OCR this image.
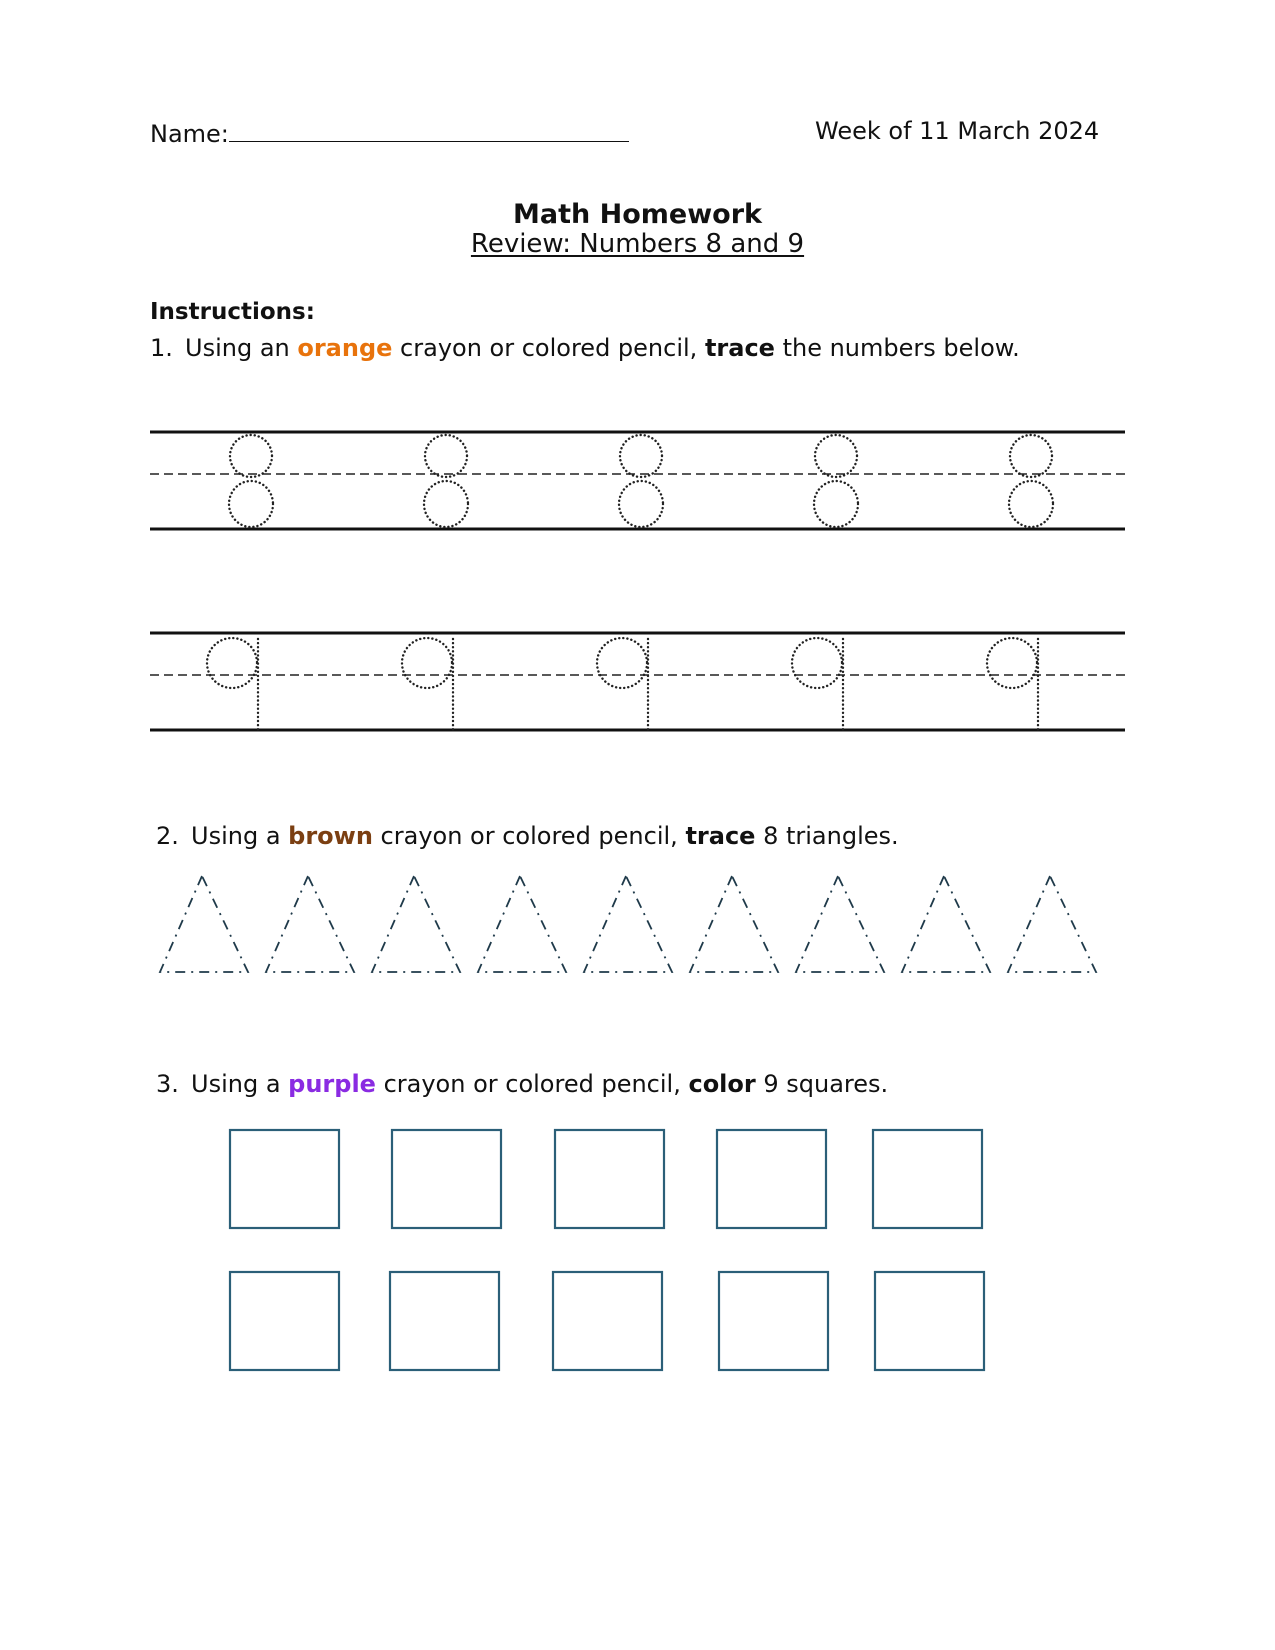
Name:	Week of 11 March 2024
Math Homework
Review: Numbers 8 and 9
Instructions:
1. Using an orange crayon or colored pencil, trace the numbers below.
2. Using a brown crayon or colored pencil, trace 8 triangles.
3. Using a purple crayon or colored pencil, color 9 squares.
